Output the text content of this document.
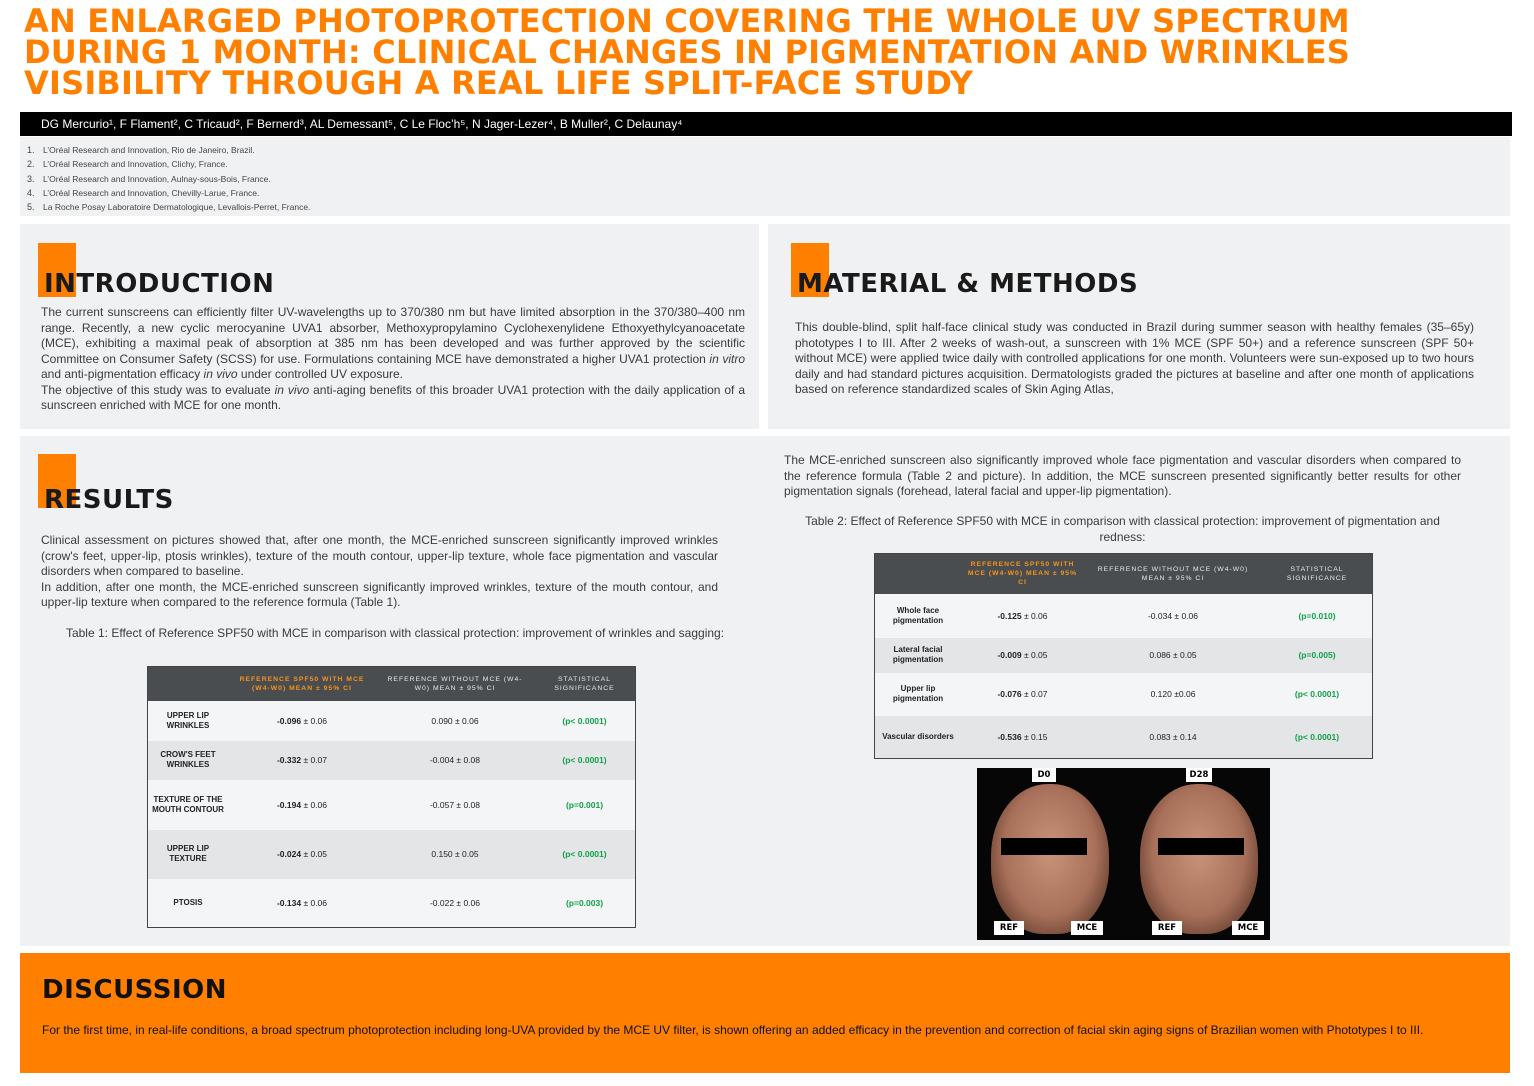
AN ENLARGED PHOTOPROTECTION COVERING THE WHOLE UV SPECTRUM DURING 1 MONTH: CLINICAL CHANGES IN PIGMENTATION AND WRINKLES VISIBILITY THROUGH A REAL LIFE SPLIT-FACE STUDY
DG Mercurio¹, F Flament², C Tricaud², F Bernerd³, AL Demessant⁵, C Le Floc’h⁵, N Jager-Lezer⁴, B Muller², C Delaunay⁴
1. L’Oréal Research and Innovation, Rio de Janeiro, Brazil.
2. L’Oréal Research and Innovation, Clichy, France.
3. L’Oréal Research and Innovation, Aulnay-sous-Bois, France.
4. L’Oréal Research and Innovation, Chevilly-Larue, France.
5. La Roche Posay Laboratoire Dermatologique, Levallois-Perret, France.
INTRODUCTION
The current sunscreens can efficiently filter UV-wavelengths up to 370/380 nm but have limited absorption in the 370/380–400 nm range. Recently, a new cyclic merocyanine UVA1 absorber, Methoxypropylamino Cyclohexenylidene Ethoxyethylcyanoacetate (MCE), exhibiting a maximal peak of absorption at 385 nm has been developed and was further approved by the scientific Committee on Consumer Safety (SCSS) for use. Formulations containing MCE have demonstrated a higher UVA1 protection in vitro and anti-pigmentation efficacy in vivo under controlled UV exposure.
The objective of this study was to evaluate in vivo anti-aging benefits of this broader UVA1 protection with the daily application of a sunscreen enriched with MCE for one month.
MATERIAL & METHODS
This double-blind, split half-face clinical study was conducted in Brazil during summer season with healthy females (35–65y) phototypes I to III. After 2 weeks of wash-out, a sunscreen with 1% MCE (SPF 50+) and a reference sunscreen (SPF 50+ without MCE) were applied twice daily with controlled applications for one month. Volunteers were sun-exposed up to two hours daily and had standard pictures acquisition. Dermatologists graded the pictures at baseline and after one month of applications based on reference standardized scales of Skin Aging Atlas,
RESULTS
Clinical assessment on pictures showed that, after one month, the MCE-enriched sunscreen significantly improved wrinkles (crow's feet, upper-lip, ptosis wrinkles), texture of the mouth contour, upper-lip texture, whole face pigmentation and vascular disorders when compared to baseline.
In addition, after one month, the MCE-enriched sunscreen significantly improved wrinkles, texture of the mouth contour, and upper-lip texture when compared to the reference formula (Table 1).
Table 1: Effect of Reference SPF50 with MCE in comparison with classical protection: improvement of wrinkles and sagging:
	REFERENCE SPF50 WITH MCE (W4-W0) MEAN ± 95% CI	REFERENCE WITHOUT MCE (W4-W0) MEAN ± 95% CI	STATISTICAL SIGNIFICANCE
UPPER LIP WRINKLES	-0.096 ± 0.06	0.090 ± 0.06	(p< 0.0001)
CROW'S FEET WRINKLES	-0.332 ± 0.07	-0.004 ± 0.08	(p< 0.0001)
TEXTURE OF THE MOUTH CONTOUR	-0.194 ± 0.06	-0.057 ± 0.08	(p=0.001)
UPPER LIP TEXTURE	-0.024 ± 0.05	0.150 ± 0.05	(p< 0.0001)
PTOSIS	-0.134 ± 0.06	-0.022 ± 0.06	(p=0.003)
The MCE-enriched sunscreen also significantly improved whole face pigmentation and vascular disorders when compared to the reference formula (Table 2 and picture). In addition, the MCE sunscreen presented significantly better results for other pigmentation signals (forehead, lateral facial and upper-lip pigmentation).
Table 2: Effect of Reference SPF50 with MCE in comparison with classical protection: improvement of pigmentation and redness:
	REFERENCE SPF50 WITH MCE (W4-W0) MEAN ± 95% CI	REFERENCE WITHOUT MCE (W4-W0) MEAN ± 95% CI	STATISTICAL SIGNIFICANCE
Whole face pigmentation	-0.125 ± 0.06	-0.034 ± 0.06	(p=0.010)
Lateral facial pigmentation	-0.009 ± 0.05	0.086 ± 0.05	(p=0.005)
Upper lip pigmentation	-0.076 ± 0.07	0.120 ±0.06	(p< 0.0001)
Vascular disorders	-0.536 ± 0.15	0.083 ± 0.14	(p< 0.0001)
D0	D28
REF	MCE	REF	MCE
DISCUSSION

For the first time, in real-life conditions, a broad spectrum photoprotection including long-UVA provided by the MCE UV filter, is shown offering an added efficacy in the prevention and correction of facial skin aging signs of Brazilian women with Phototypes I to III.
